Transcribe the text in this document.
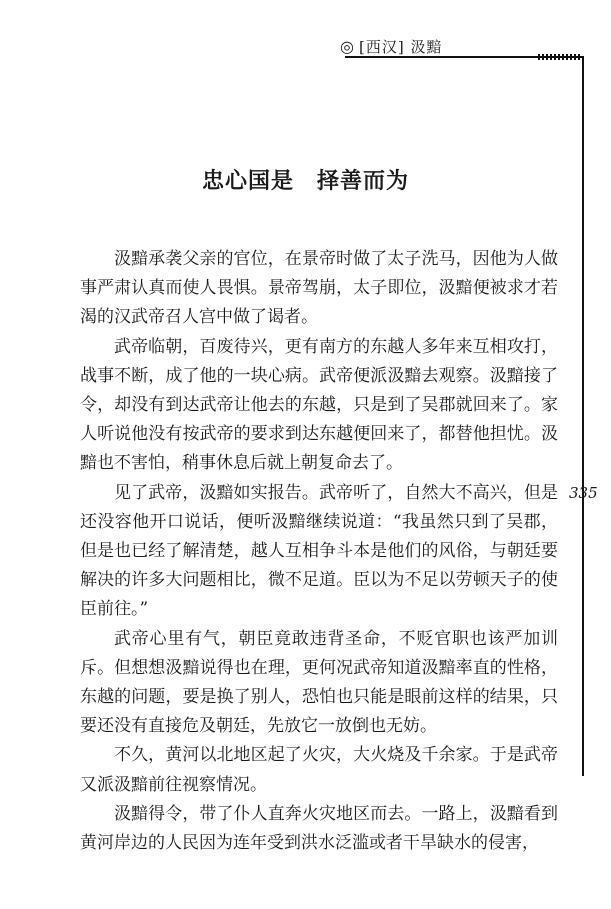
◎ [西汉] 汲黯
335
忠心国是　择善而为

汲黯承袭父亲的官位，在景帝时做了太子洗马，因他为人做事严肃认真而使人畏惧。景帝驾崩，太子即位，汲黯便被求才若渴的汉武帝召人宫中做了谒者。

武帝临朝，百废待兴，更有南方的东越人多年来互相攻打，战事不断，成了他的一块心病。武帝便派汲黯去观察。汲黯接了令，却没有到达武帝让他去的东越，只是到了吴郡就回来了。家人听说他没有按武帝的要求到达东越便回来了，都替他担忧。汲黯也不害怕，稍事休息后就上朝复命去了。

见了武帝，汲黯如实报告。武帝听了，自然大不高兴，但是还没容他开口说话，便听汲黯继续说道：“我虽然只到了吴郡，但是也已经了解清楚，越人互相争斗本是他们的风俗，与朝廷要解决的许多大问题相比，微不足道。臣以为不足以劳顿天子的使臣前往。”

武帝心里有气，朝臣竟敢违背圣命，不贬官职也该严加训斥。但想想汲黯说得也在理，更何况武帝知道汲黯率直的性格，东越的问题，要是换了别人，恐怕也只能是眼前这样的结果，只要还没有直接危及朝廷，先放它一放倒也无妨。

不久，黄河以北地区起了火灾，大火烧及千余家。于是武帝又派汲黯前往视察情况。

汲黯得令，带了仆人直奔火灾地区而去。一路上，汲黯看到黄河岸边的人民因为连年受到洪水泛滥或者干旱缺水的侵害，
